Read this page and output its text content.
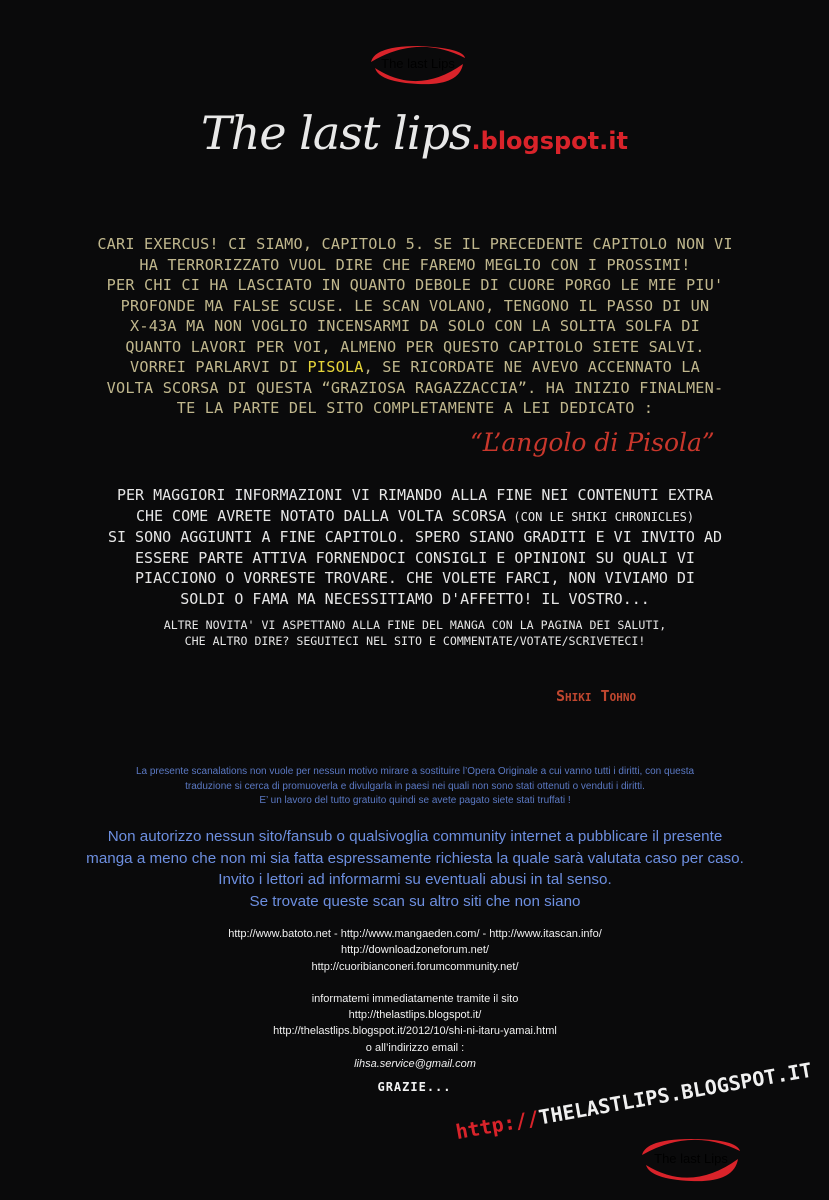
The last Lips
The last lips.blogspot.it
CARI EXERCUS! CI SIAMO, CAPITOLO 5. SE IL PRECEDENTE CAPITOLO NON VI
HA TERRORIZZATO VUOL DIRE CHE FAREMO MEGLIO CON I PROSSIMI!
PER CHI CI HA LASCIATO IN QUANTO DEBOLE DI CUORE PORGO LE MIE PIU'
PROFONDE MA FALSE SCUSE. LE SCAN VOLANO, TENGONO IL PASSO DI UN
X-43A MA NON VOGLIO INCENSARMI DA SOLO CON LA SOLITA SOLFA DI
QUANTO LAVORI PER VOI, ALMENO PER QUESTO CAPITOLO SIETE SALVI.
VORREI PARLARVI DI PISOLA, SE RICORDATE NE AVEVO ACCENNATO LA
VOLTA SCORSA DI QUESTA “GRAZIOSA RAGAZZACCIA”. HA INIZIO FINALMEN-
TE LA PARTE DEL SITO COMPLETAMENTE A LEI DEDICATO :
“L’angolo di Pisola”
PER MAGGIORI INFORMAZIONI VI RIMANDO ALLA FINE NEI CONTENUTI EXTRA
CHE COME AVRETE NOTATO DALLA VOLTA SCORSA (CON LE SHIKI CHRONICLES)
SI SONO AGGIUNTI A FINE CAPITOLO. SPERO SIANO GRADITI E VI INVITO AD
ESSERE PARTE ATTIVA FORNENDOCI CONSIGLI E OPINIONI SU QUALI VI
PIACCIONO O VORRESTE TROVARE. CHE VOLETE FARCI, NON VIVIAMO DI
SOLDI O FAMA MA NECESSITIAMO D'AFFETTO! IL VOSTRO...
ALTRE NOVITA' VI ASPETTANO ALLA FINE DEL MANGA CON LA PAGINA DEI SALUTI,
CHE ALTRO DIRE? SEGUITECI NEL SITO E COMMENTATE/VOTATE/SCRIVETECI!
Shiki Tohno
La presente scanalations non vuole per nessun motivo mirare a sostituire l’Opera Originale a cui vanno tutti i diritti, con questa
traduzione si cerca di promuoverla e divulgarla in paesi nei quali non sono stati ottenuti o venduti i diritti.
E’ un lavoro del tutto gratuito quindi se avete pagato siete stati truffati !
Non autorizzo nessun sito/fansub o qualsivoglia community internet a pubblicare il presente
manga a meno che non mi sia fatta espressamente richiesta la quale sarà valutata caso per caso.
Invito i lettori ad informarmi su eventuali abusi in tal senso.
Se trovate queste scan su altro siti che non siano
http://www.batoto.net - http://www.mangaeden.com/ - http://www.itascan.info/
http://downloadzoneforum.net/
http://cuoribianconeri.forumcommunity.net/
informatemi immediatamente tramite il sito
http://thelastlips.blogspot.it/
http://thelastlips.blogspot.it/2012/10/shi-ni-itaru-yamai.html
o all’indirizzo email :
lihsa.service@gmail.com
GRAZIE...
http://THELASTLIPS.BLOGSPOT.IT
The last Lips
